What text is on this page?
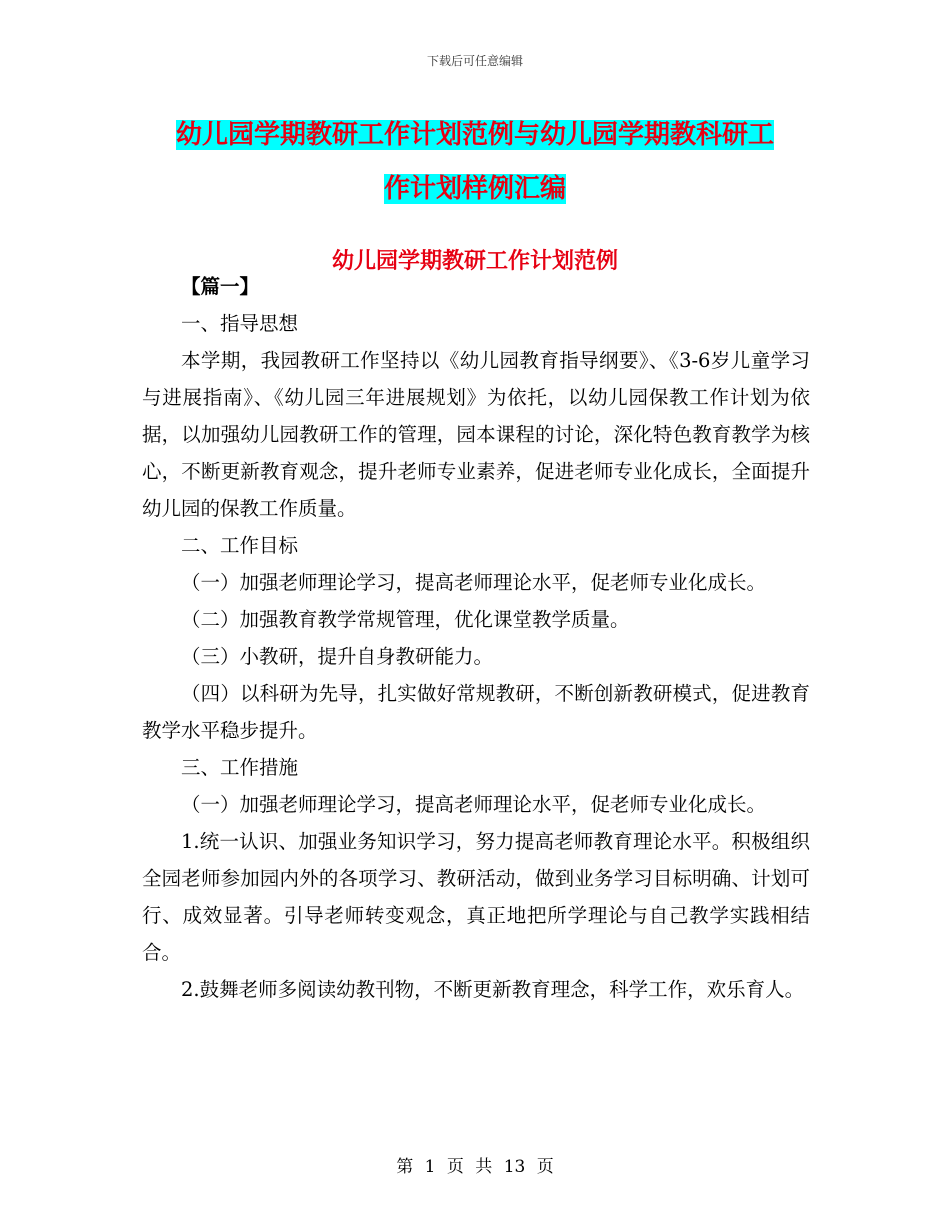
下载后可任意编辑
幼儿园学期教研工作计划范例与幼儿园学期教科研工
作计划样例汇编
幼儿园学期教研工作计划范例

【篇一】

一、指导思想

本学期，我园教研工作坚持以《幼儿园教育指导纲要》、《3-6岁儿童学习与进展指南》、《幼儿园三年进展规划》为依托，以幼儿园保教工作计划为依据，以加强幼儿园教研工作的管理，园本课程的讨论，深化特色教育教学为核心，不断更新教育观念，提升老师专业素养，促进老师专业化成长，全面提升幼儿园的保教工作质量。

二、工作目标

（一）加强老师理论学习，提高老师理论水平，促老师专业化成长。

（二）加强教育教学常规管理，优化课堂教学质量。

（三）小教研，提升自身教研能力。

（四）以科研为先导，扎实做好常规教研，不断创新教研模式，促进教育教学水平稳步提升。

三、工作措施

（一）加强老师理论学习，提高老师理论水平，促老师专业化成长。

1.统一认识、加强业务知识学习，努力提高老师教育理论水平。积极组织全园老师参加园内外的各项学习、教研活动，做到业务学习目标明确、计划可行、成效显著。引导老师转变观念，真正地把所学理论与自己教学实践相结合。

2.鼓舞老师多阅读幼教刊物，不断更新教育理念，科学工作，欢乐育人。

第 1 页 共 13 页
